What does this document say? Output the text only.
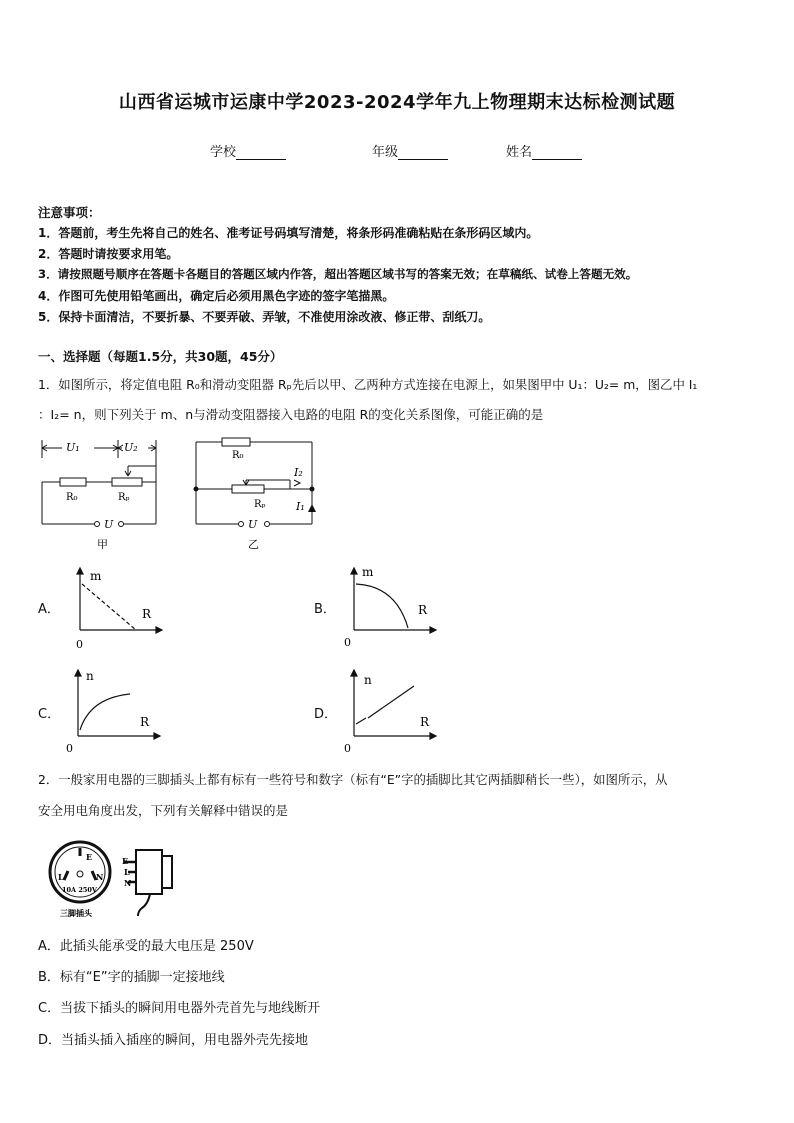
山西省运城市运康中学2023-2024学年九上物理期末达标检测试题
学校	年级	姓名
注意事项：
1．答题前，考生先将自己的姓名、准考证号码填写清楚，将条形码准确粘贴在条形码区域内。
2．答题时请按要求用笔。
3．请按照题号顺序在答题卡各题目的答题区域内作答，超出答题区域书写的答案无效；在草稿纸、试卷上答题无效。
4．作图可先使用铅笔画出，确定后必须用黑色字迹的签字笔描黑。
5．保持卡面清洁，不要折暴、不要弄破、弄皱，不准使用涂改液、修正带、刮纸刀。
一、选择题（每题1.5分，共30题，45分）
1．如图所示，将定值电阻 R₀和滑动变阻器 Rₚ先后以甲、乙两种方式连接在电源上，如果图甲中 U₁：U₂= m，图乙中 I₁
：I₂= n，则下列关于 m、n与滑动变阻器接入电路的电阻 R的变化关系图像，可能正确的是
U₁	U₂
R₀	Rₚ
U
甲
R₀
Rₚ
I₂
I₁
U
乙
A．
m
R
0
B．
m
R
0
C．
n
R
0
D．
n
R
0
2．一般家用电器的三脚插头上都有标有一些符号和数字（标有“E”字的插脚比其它两插脚稍长一些），如图所示，从
安全用电角度出发，下列有关解释中错误的是
E
L	N
10A 250V
三脚插头
E
L
N
A．此插头能承受的最大电压是 250V
B．标有“E”字的插脚一定接地线
C．当拔下插头的瞬间用电器外壳首先与地线断开
D．当插头插入插座的瞬间，用电器外壳先接地
